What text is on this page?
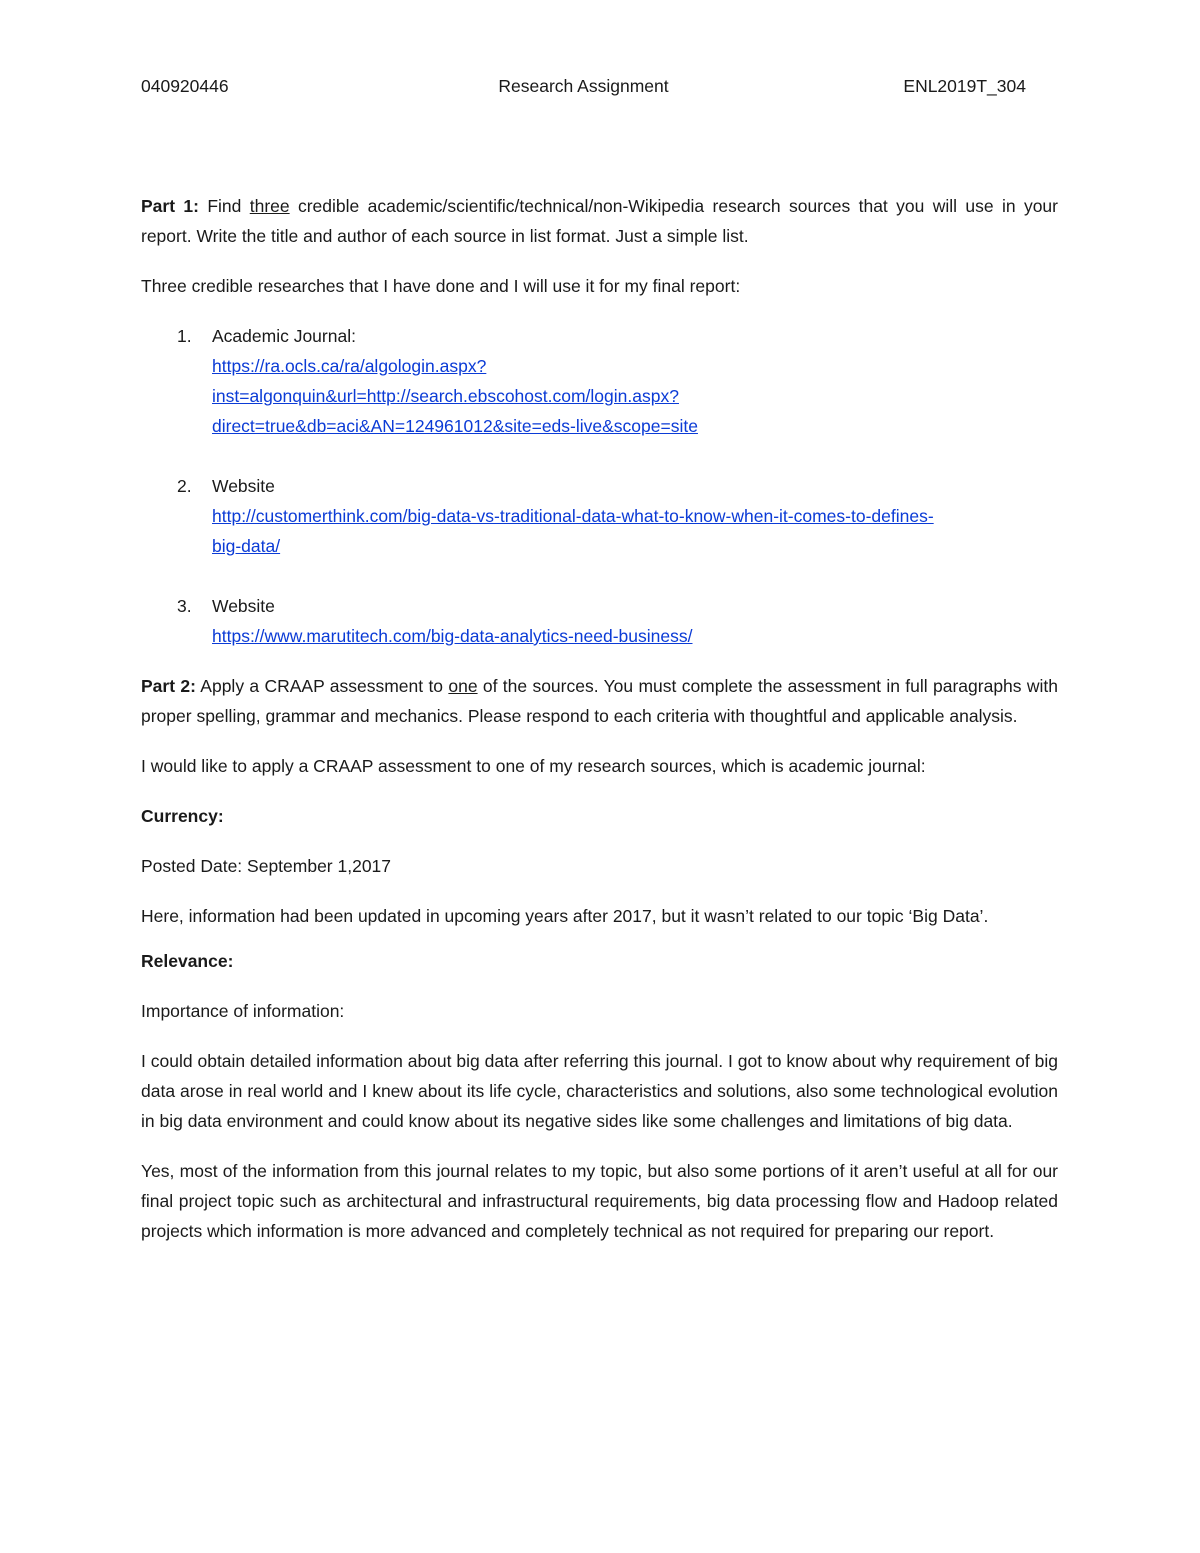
040920446	Research Assignment	ENL2019T_304

Part 1: Find three credible academic/scientific/technical/non-Wikipedia research sources that you will use in your report. Write the title and author of each source in list format. Just a simple list.

Three credible researches that I have done and I will use it for my final report:

1. Academic Journal:
https://ra.ocls.ca/ra/algologin.aspx?
inst=algonquin&url=http://search.ebscohost.com/login.aspx?
direct=true&db=aci&AN=124961012&site=eds-live&scope=site
2. Website
http://customerthink.com/big-data-vs-traditional-data-what-to-know-when-it-comes-to-defines-
big-data/
3. Website
https://www.marutitech.com/big-data-analytics-need-business/

Part 2: Apply a CRAAP assessment to one of the sources. You must complete the assessment in full paragraphs with proper spelling, grammar and mechanics. Please respond to each criteria with thoughtful and applicable analysis.

I would like to apply a CRAAP assessment to one of my research sources, which is academic journal:

Currency:

Posted Date: September 1,2017

Here, information had been updated in upcoming years after 2017, but it wasn’t related to our topic ‘Big Data’.

Relevance:

Importance of information:

I could obtain detailed information about big data after referring this journal. I got to know about why requirement of big data arose in real world and I knew about its life cycle, characteristics and solutions, also some technological evolution in big data environment and could know about its negative sides like some challenges and limitations of big data.

Yes, most of the information from this journal relates to my topic, but also some portions of it aren’t useful at all for our final project topic such as architectural and infrastructural requirements, big data processing flow and Hadoop related projects which information is more advanced and completely technical as not required for preparing our report.
